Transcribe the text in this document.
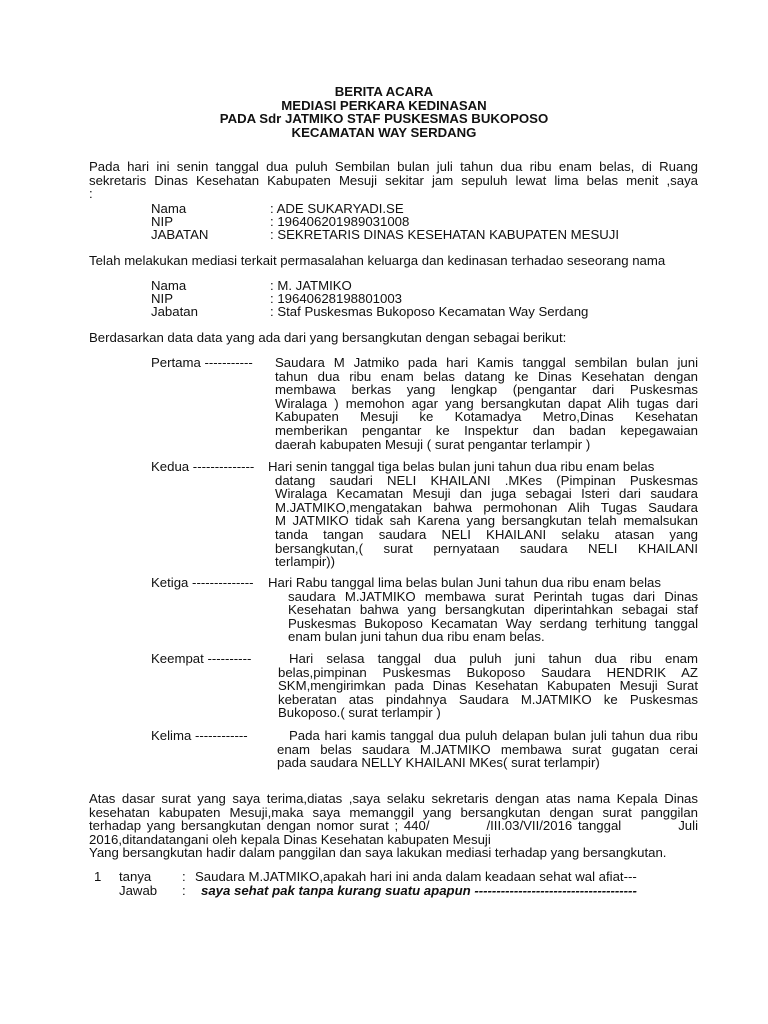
BERITA ACARA
MEDIASI PERKARA KEDINASAN
PADA Sdr JATMIKO STAF PUSKESMAS BUKOPOSO
KECAMATAN WAY SERDANG
Pada hari ini senin tanggal dua puluh Sembilan bulan juli tahun dua ribu enam belas, di Ruang
sekretaris Dinas Kesehatan Kabupaten Mesuji sekitar jam sepuluh lewat lima belas menit ,saya
:
Nama	: ADE SUKARYADI.SE
NIP	: 196406201989031008
JABATAN	: SEKRETARIS DINAS KESEHATAN KABUPATEN MESUJI
Telah melakukan mediasi terkait permasalahan keluarga dan kedinasan terhadao seseorang nama
Nama	: M. JATMIKO
NIP	: 19640628198801003
Jabatan	: Staf Puskesmas Bukoposo Kecamatan Way Serdang
Berdasarkan data data yang ada dari yang bersangkutan dengan sebagai berikut:
Pertama ----------- Saudara M Jatmiko pada hari Kamis tanggal sembilan bulan juni
tahun dua ribu enam belas datang ke Dinas Kesehatan dengan
membawa berkas yang lengkap (pengantar dari Puskesmas
Wiralaga ) memohon agar yang bersangkutan dapat Alih tugas dari
Kabupaten Mesuji ke Kotamadya Metro,Dinas Kesehatan
memberikan pengantar ke Inspektur dan badan kepegawaian
daerah kabupaten Mesuji ( surat pengantar terlampir )
Kedua -------------- Hari senin tanggal tiga belas bulan juni tahun dua ribu enam belas
datang saudari NELI KHAILANI .MKes (Pimpinan Puskesmas
Wiralaga Kecamatan Mesuji dan juga sebagai Isteri dari saudara
M.JATMIKO,mengatakan bahwa permohonan Alih Tugas Saudara
M JATMIKO tidak sah Karena yang bersangkutan telah memalsukan
tanda tangan saudara NELI KHAILANI selaku atasan yang
bersangkutan,( surat pernyataan saudara NELI KHAILANI
terlampir))
Ketiga -------------- Hari Rabu tanggal lima belas bulan Juni tahun dua ribu enam belas
saudara M.JATMIKO membawa surat Perintah tugas dari Dinas
Kesehatan bahwa yang bersangkutan diperintahkan sebagai staf
Puskesmas Bukoposo Kecamatan Way serdang terhitung tanggal
enam bulan juni tahun dua ribu enam belas.
Keempat ----------	Hari selasa tanggal dua puluh juni tahun dua ribu enam
belas,pimpinan Puskesmas Bukoposo Saudara HENDRIK AZ
SKM,mengirimkan pada Dinas Kesehatan Kabupaten Mesuji Surat
keberatan atas pindahnya Saudara M.JATMIKO ke Puskesmas
Bukoposo.( surat terlampir )
Kelima ------------	Pada hari kamis tanggal dua puluh delapan bulan juli tahun dua ribu
enam belas saudara M.JATMIKO membawa surat gugatan cerai
pada saudara NELLY KHAILANI MKes( surat terlampir)
Atas dasar surat yang saya terima,diatas ,saya selaku sekretaris dengan atas nama Kepala Dinas
kesehatan kabupaten Mesuji,maka saya memanggil yang bersangkutan dengan surat panggilan
terhadap yang bersangkutan dengan nomor surat ; 440/          /III.03/VII/2016 tanggal          Juli
2016,ditandatangani oleh kepala Dinas Kesehatan kabupaten Mesuji
Yang bersangkutan hadir dalam panggilan dan saya lakukan mediasi terhadap yang bersangkutan.
1 tanya : Saudara M.JATMIKO,apakah hari ini anda dalam keadaan sehat wal afiat---
Jawab : saya sehat pak tanpa kurang suatu apapun -------------------------------------
